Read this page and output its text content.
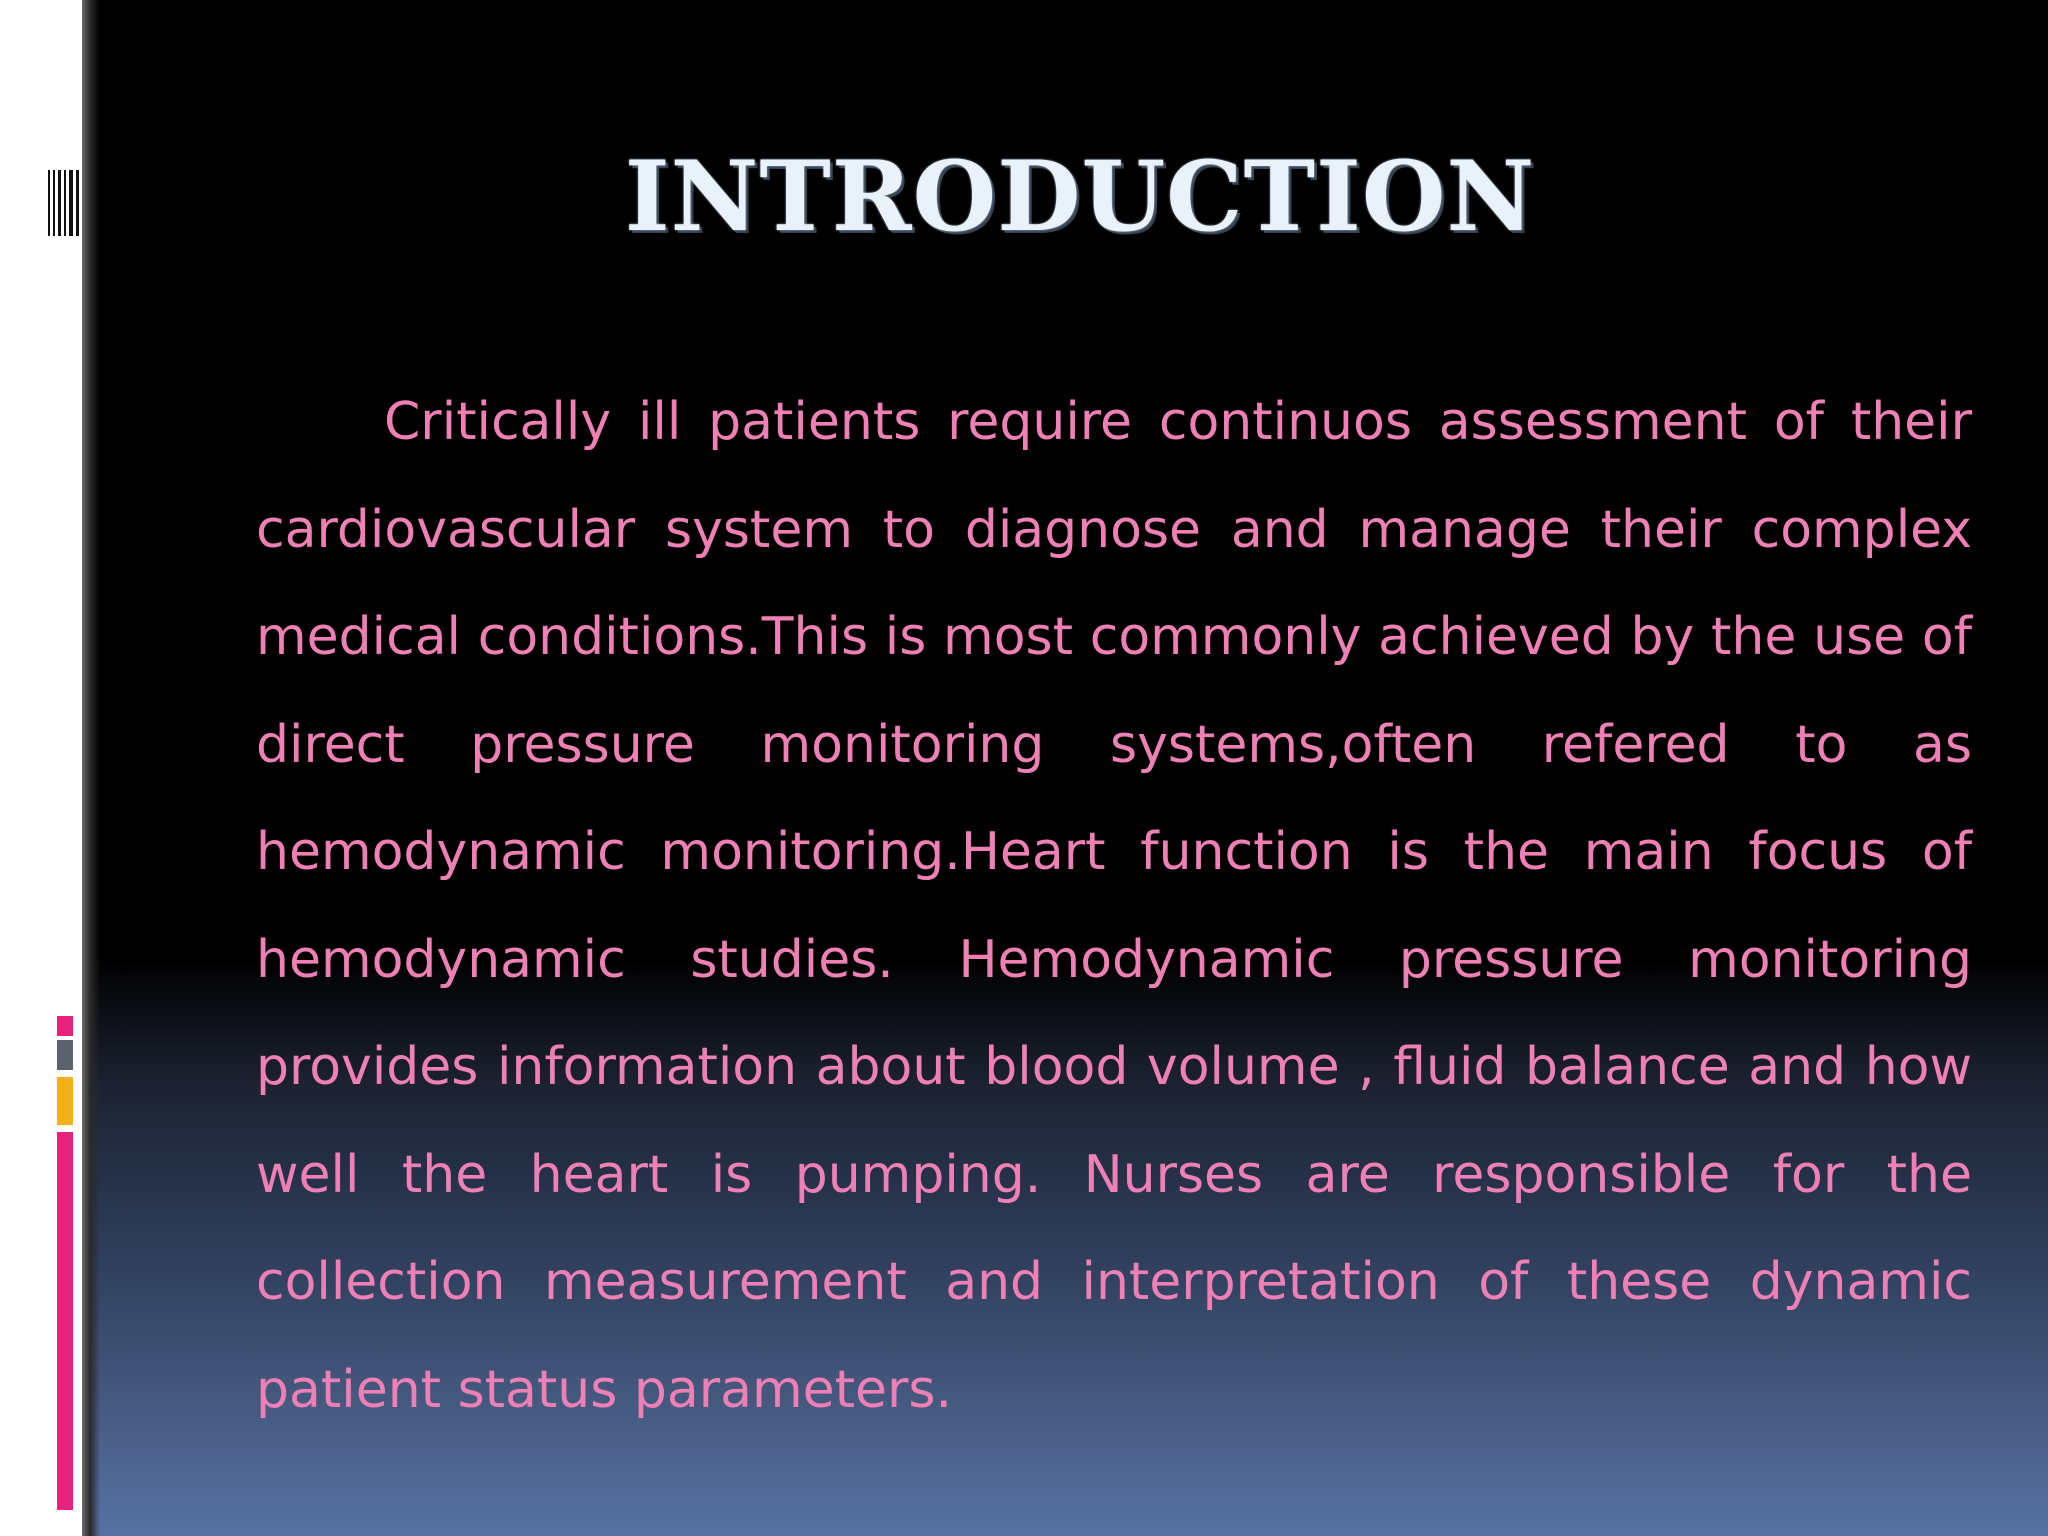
INTRODUCTION

Critically ill patients require continuos assessment of their cardiovascular system to diagnose and manage their complex medical conditions.This is most commonly achieved by the use of direct pressure monitoring systems,often refered to as hemodynamic monitoring.Heart function is the main focus of hemodynamic studies. Hemodynamic pressure monitoring provides information about blood volume , fluid balance and how well the heart is pumping. Nurses are responsible for the collection measurement and interpretation of these dynamic patient status parameters.
